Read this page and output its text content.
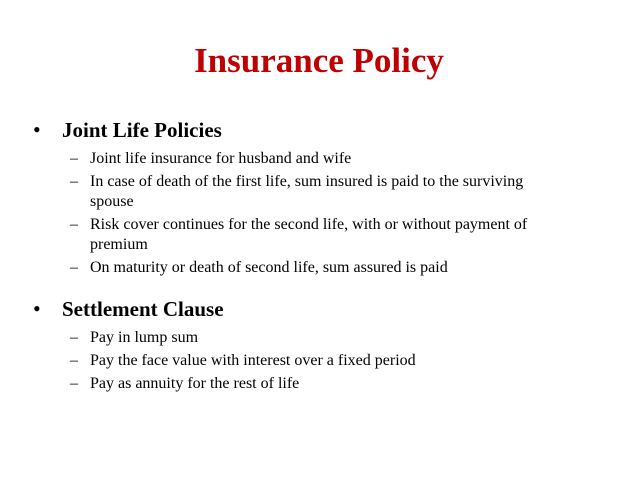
Insurance Policy
• Joint Life Policies
– Joint life insurance for husband and wife
– In case of death of the first life, sum insured is paid to the surviving spouse
– Risk cover continues for the second life, with or without payment of premium
– On maturity or death of second life, sum assured is paid
• Settlement Clause
– Pay in lump sum
– Pay the face value with interest over a fixed period
– Pay as annuity for the rest of life
